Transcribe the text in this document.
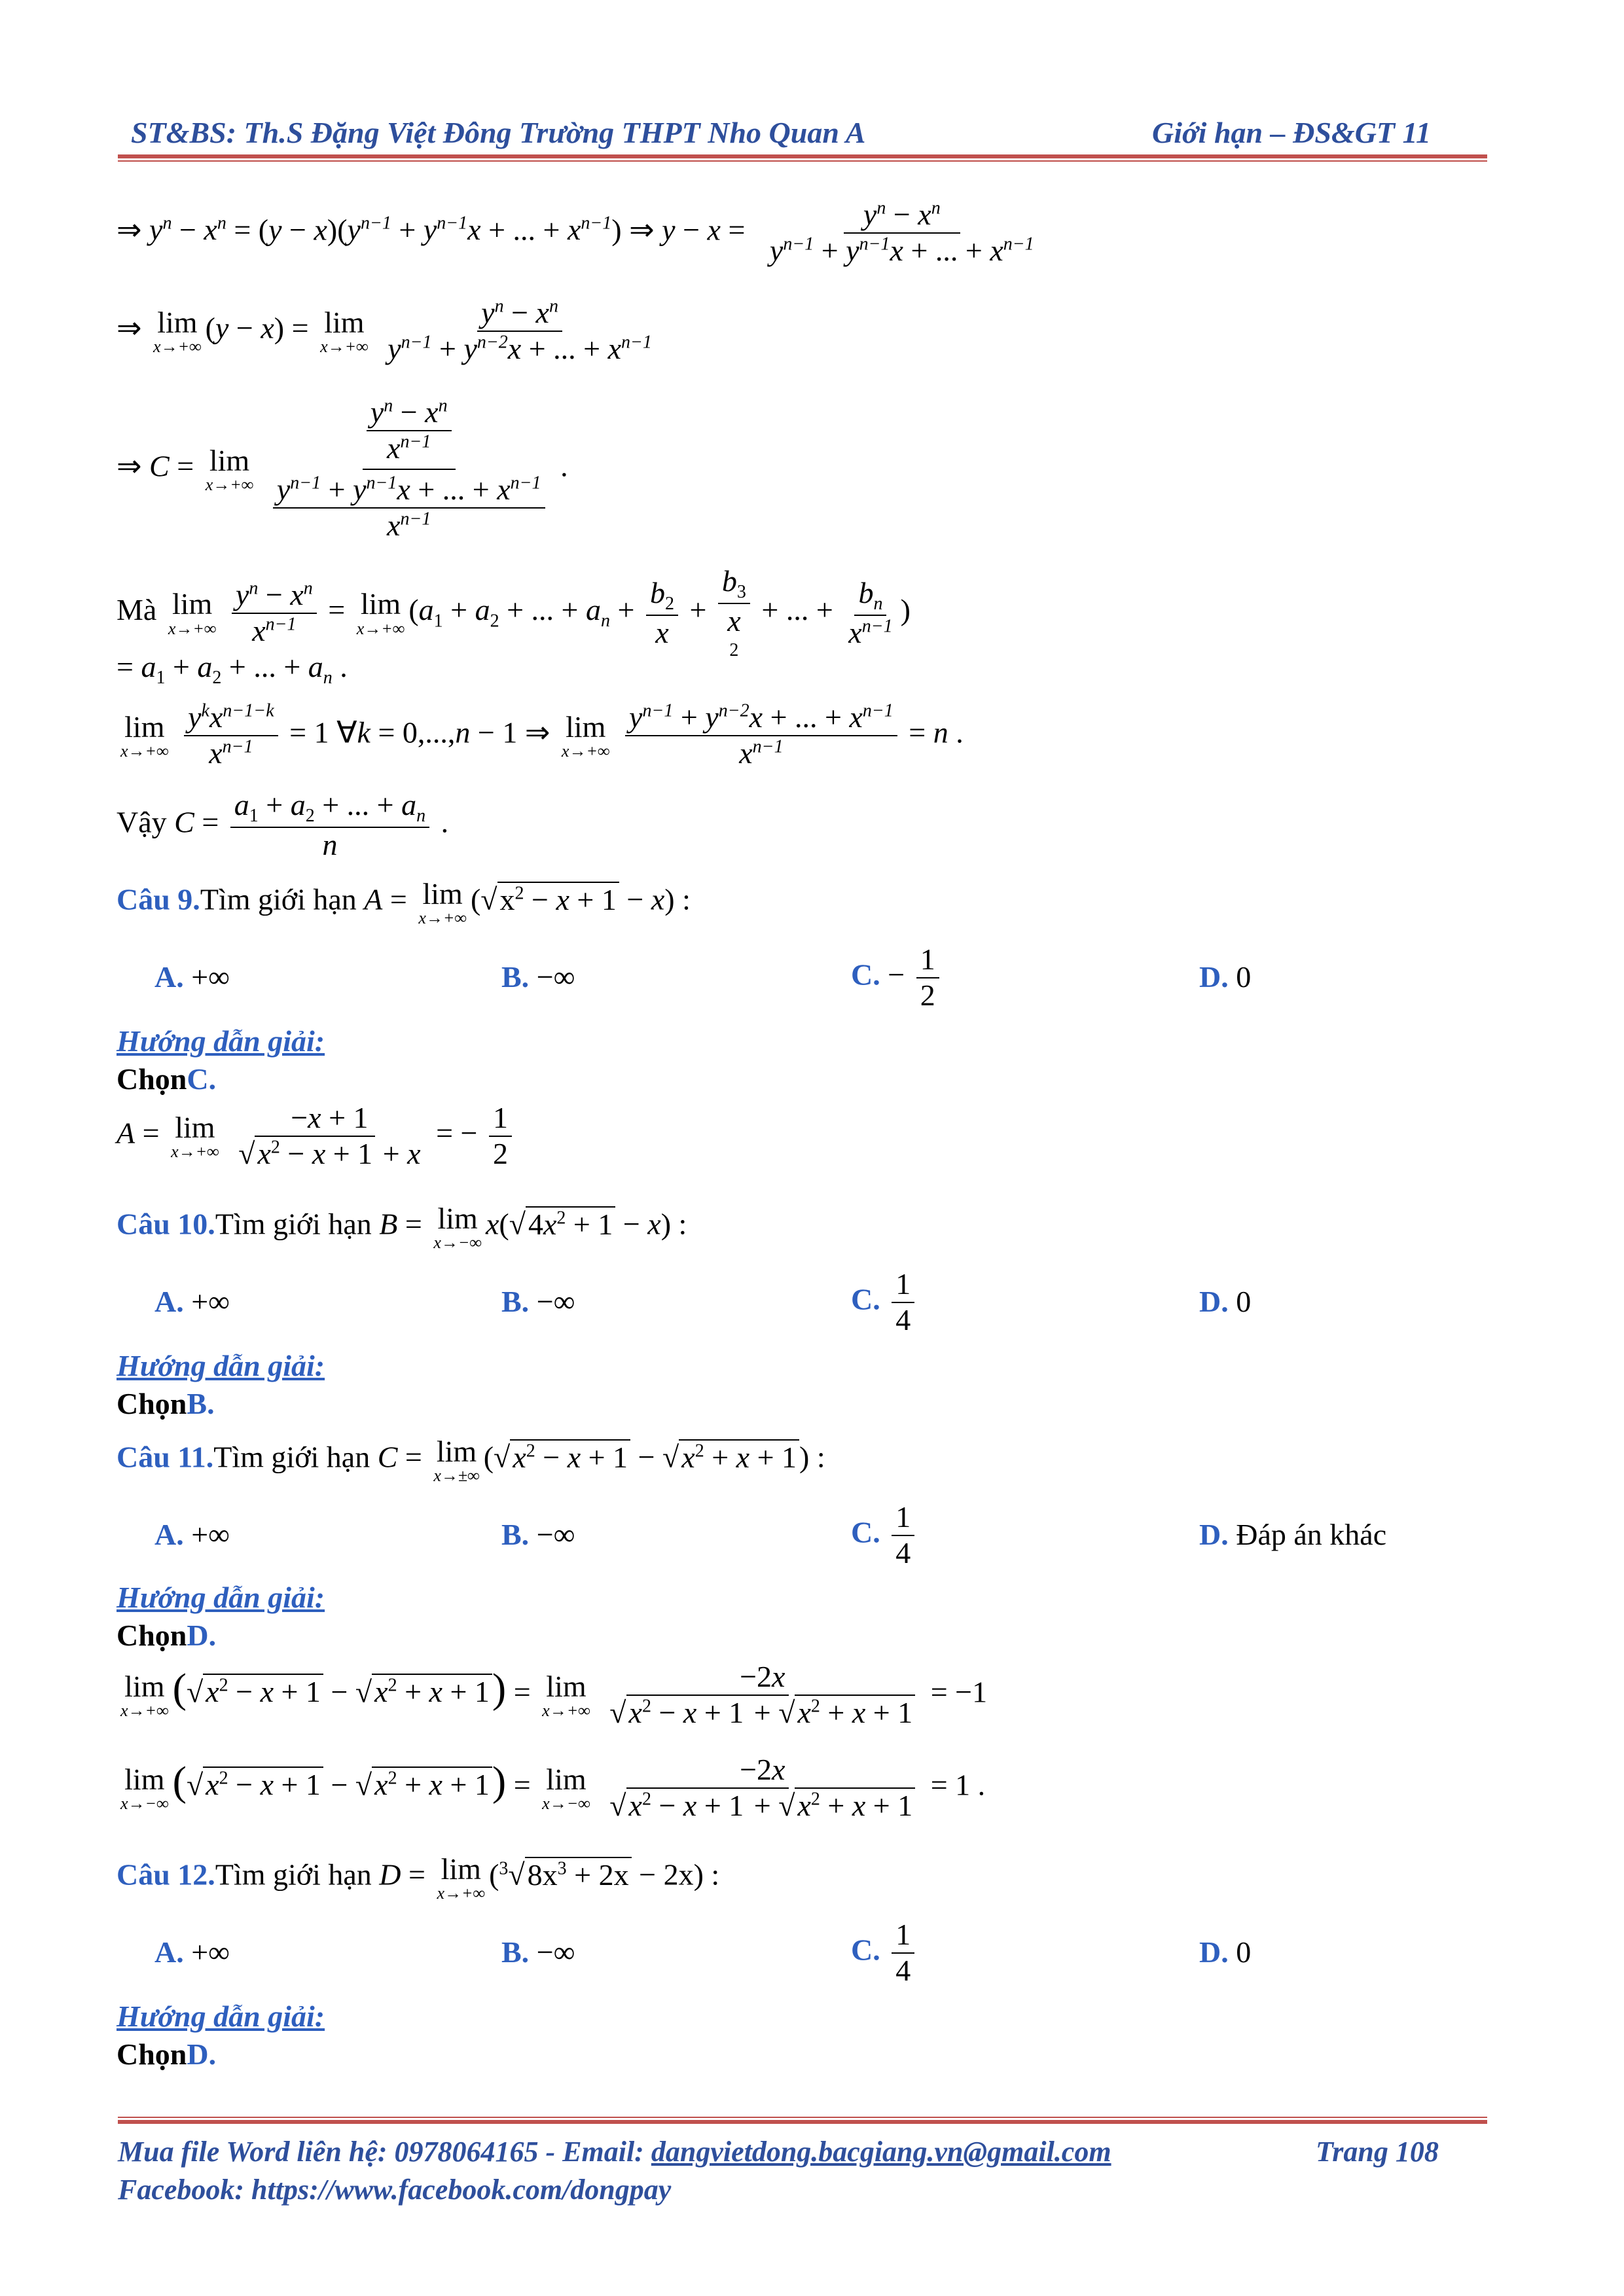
ST&BS: Th.S Đặng Việt Đông Trường THPT Nho Quan A	Giới hạn – ĐS&GT 11
⇒ $y^n - x^n = (y - x)(y^{n-1} + y^{n-1}x$ + ... + $x^{n-1}$) ⇒ $y - x = \frac{y^n - x^n}{y^{n-1} + y^{n-1}x + ... + x^{n-1}}$
⇒ lim
x→+∞
(y − x) = lim
x→+∞
$\frac{y^n - x^n}{y^{n-1} + y^{n-2}x + ... + x^{n-1}}$
⇒ C = lim
x→+∞
$\frac{\frac{y^n - x^n}{x^{n-1}}}{\frac{y^{n-1} + y^{n-1}x + ... + x^{n-1}}{x^{n-1}}}$ .
Mà lim
x→+∞
$\frac{y^n - x^n}{x^{n-1}} = \lim$
x→+∞
($a_1 + a_2$ + ... + $a_n + \frac{b_2}{x}$ +
$b_3$
x
2
+ ... + $\frac{b_n}{x^{n-1}}$ )
= $a_1 + a_2$ + ... + $a_n$ .
lim
x→+∞
$\frac{y^kx^{n-1-k}}{x^{n-1}} = 1$ ∀k = 0,...,n − 1 ⇒ lim
x→+∞
$\frac{y^{n-1} + y^{n-2}x + ... + x^{n-1}}{x^{n-1}} = n$ .
Vậy $C = \frac{a_1 + a_2 + ... + a_n}{n}$ .
Câu 9.Tìm giới hạn A = lim
x→+∞
$(√x^2 - x + 1 - x)$ :
A. +∞	B. −∞	C. − $\frac{1}{2}$	D. 0
Hướng dẫn giải:
ChọnC.
A = lim
x→+∞
$\frac{-x + 1}{√x^2 - x + 1 + x}$ = − $\frac{1}{2}$
Câu 10.Tìm giới hạn B = lim
x→−∞
$x(√4x^2 + 1 - x)$ :
A. +∞	B. −∞	C. $\frac{1}{4}$	D. 0
Hướng dẫn giải:
ChọnB.
Câu 11.Tìm giới hạn C = lim
x→±∞
$(√x^2 - x + 1 - √x^2 + x + 1)$ :
A. +∞	B. −∞	C. $\frac{1}{4}$	D. Đáp án khác
Hướng dẫn giải:
ChọnD.
lim
x→+∞ $(√x^2 - x + 1 - √x^2 + x + 1) = \lim$
x→+∞
$\frac{-2x}{√x^2 - x + 1 + √x^2 + x + 1} = -1$
lim
x→−∞ $(√x^2 - x + 1 - √x^2 + x + 1) = \lim$
x→−∞
$\frac{-2x}{√x^2 - x + 1 + √x^2 + x + 1} = 1$ .
Câu 12.Tìm giới hạn D = lim
x→+∞
$(^3√8x^3 + 2x - 2x)$ :
A. +∞	B. −∞	C. $\frac{1}{4}$	D. 0
Hướng dẫn giải:
ChọnD.
Mua file Word liên hệ: 0978064165 - Email: dangvietdong.bacgiang.vn@gmail.com	Trang 108
Facebook: https://www.facebook.com/dongpay
